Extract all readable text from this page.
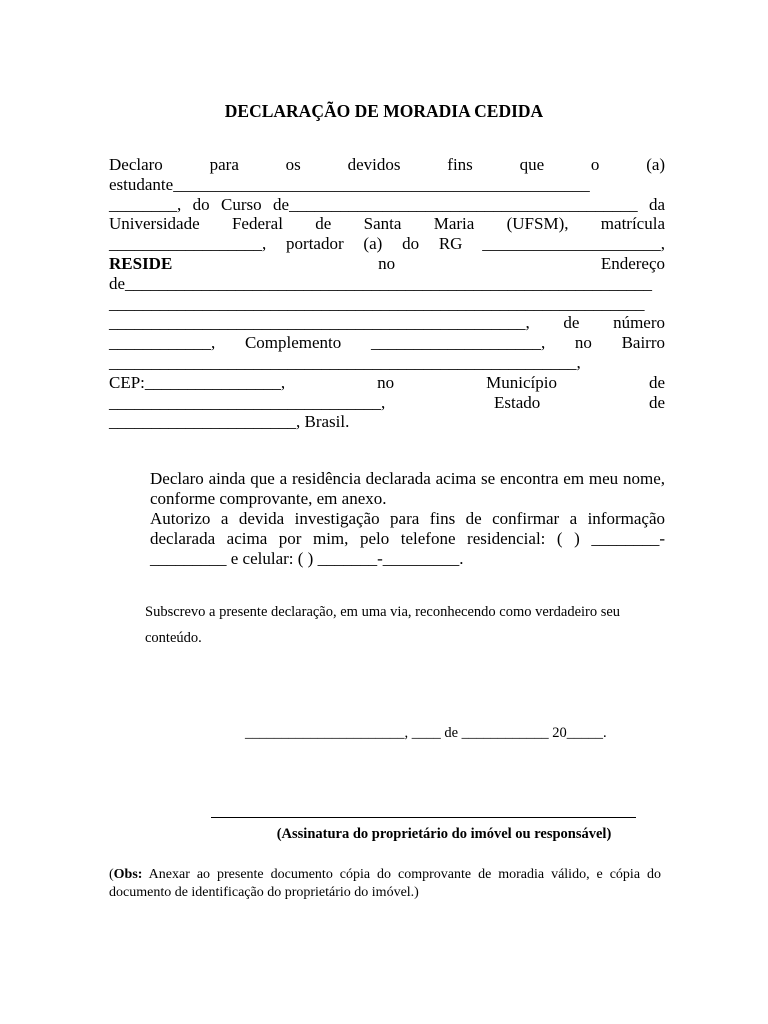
DECLARAÇÃO DE MORADIA CEDIDA
Declaro	para	os	devidos	fins	que	o	(a)
estudante_________________________________________________
________, do Curso de_________________________________________ da
Universidade Federal de Santa Maria (UFSM), matrícula
__________________, portador (a) do RG _____________________,
RESIDE	no	Endereço
de______________________________________________________________
_______________________________________________________________
_________________________________________________, de número
____________, Complemento ____________________, no Bairro
_______________________________________________________,
CEP:________________,	no	Município	de
________________________________,	Estado	de
______________________, Brasil.
Declaro ainda que a residência declarada acima se encontra em meu nome, conforme comprovante, em anexo.
Autorizo a devida investigação para fins de confirmar a informação declarada acima por mim, pelo telefone residencial: ( ) ________-_________ e celular: ( ) _______-_________.
Subscrevo a presente declaração, em uma via, reconhecendo como verdadeiro seu conteúdo.
______________________, ____ de ____________ 20_____.
(Assinatura do proprietário do imóvel ou responsável)
(Obs: Anexar ao presente documento cópia do comprovante de moradia válido, e cópia do documento de identificação do proprietário do imóvel.)
